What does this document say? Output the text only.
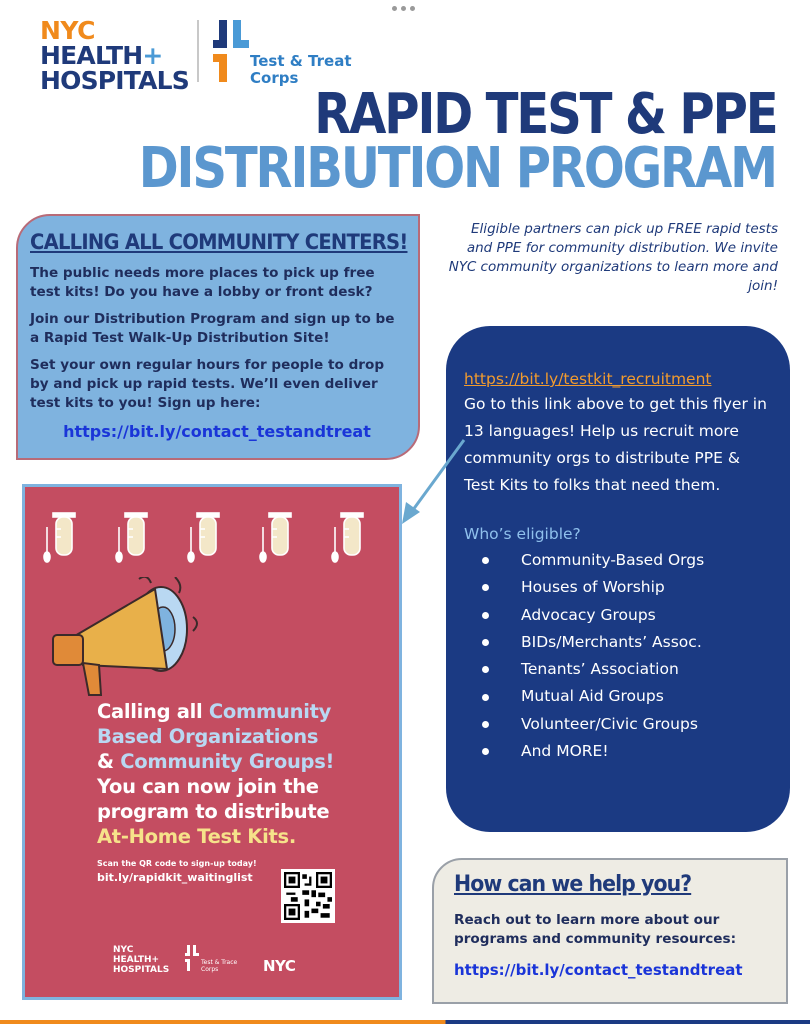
NYC
HEALTH+
HOSPITALS
Test & Treat
Corps
RAPID TEST & PPE
DISTRIBUTION PROGRAM
CALLING ALL COMMUNITY CENTERS!

The public needs more places to pick up free test kits! Do you have a lobby or front desk?

Join our Distribution Program and sign up to be a Rapid Test Walk-Up Distribution Site!

Set your own regular hours for people to drop by and pick up rapid tests. We’ll even deliver test kits to you! Sign up here:

https://bit.ly/contact_testandtreat
Eligible partners can pick up FREE rapid tests and PPE for community distribution. We invite NYC community organizations to learn more and join!
https://bit.ly/testkit_recruitment
Go to this link above to get this flyer in 13 languages! Help us recruit more community orgs to distribute PPE & Test Kits to folks that need them.
Who’s eligible?
Community-Based Orgs
Houses of Worship
Advocacy Groups
BIDs/Merchants’ Assoc.
Tenants’ Association
Mutual Aid Groups
Volunteer/Civic Groups
And MORE!
Calling all Community
Based Organizations
& Community Groups!
You can now join the
program to distribute
At-Home Test Kits.
Scan the QR code to sign-up today!
bit.ly/rapidkit_waitinglist
NYC
HEALTH+
HOSPITALS
Test & Trace
Corps	NYC
How can we help you?

Reach out to learn more about our programs and community resources:

https://bit.ly/contact_testandtreat
